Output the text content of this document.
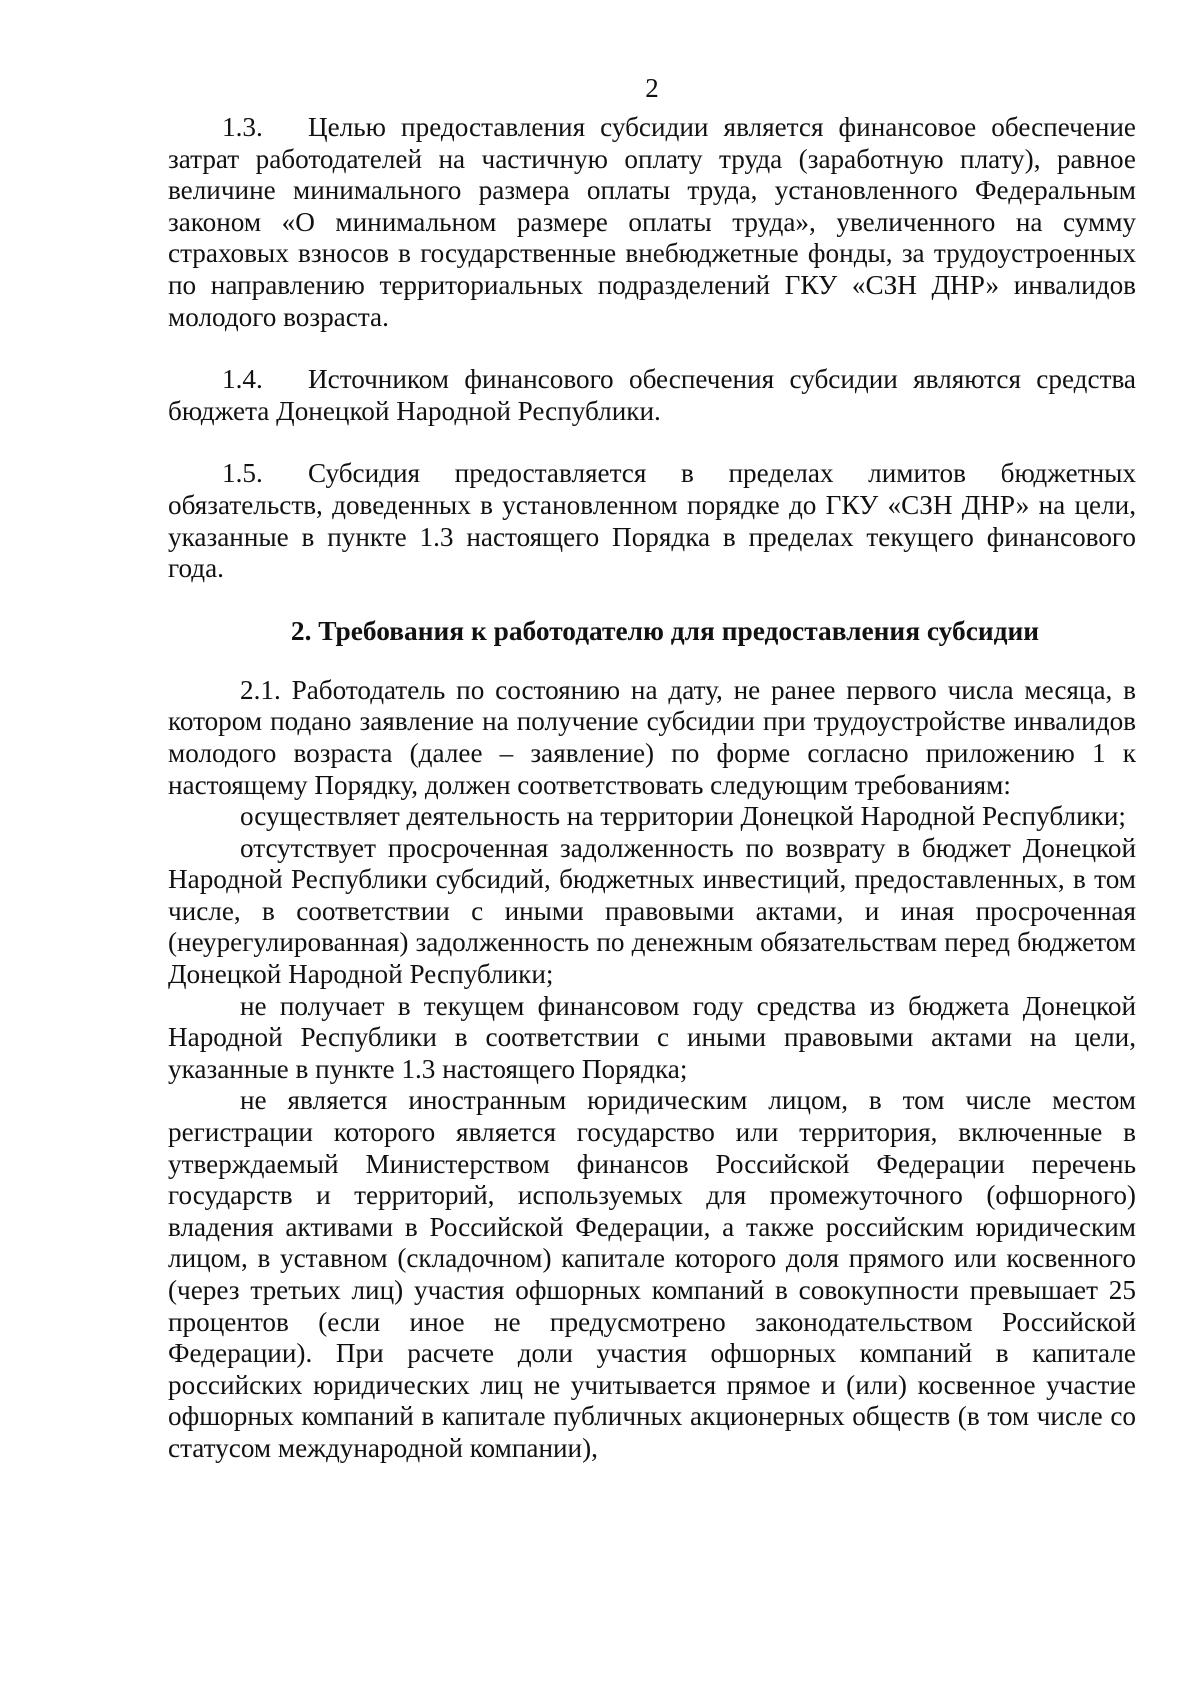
2

1.3. Целью предоставления субсидии является финансовое обеспечение затрат работодателей на частичную оплату труда (заработную плату), равное величине минимального размера оплаты труда, установленного Федеральным законом «О минимальном размере оплаты труда», увеличенного на сумму страховых взносов в государственные внебюджетные фонды, за трудоустроенных по направлению территориальных подразделений ГКУ «СЗН ДНР» инвалидов молодого возраста.

1.4. Источником финансового обеспечения субсидии являются средства бюджета Донецкой Народной Республики.

1.5. Субсидия предоставляется в пределах лимитов бюджетных обязательств, доведенных в установленном порядке до ГКУ «СЗН ДНР» на цели, указанные в пункте 1.3 настоящего Порядка в пределах текущего финансового года.

2. Требования к работодателю для предоставления субсидии

2.1. Работодатель по состоянию на дату, не ранее первого числа месяца, в котором подано заявление на получение субсидии при трудоустройстве инвалидов молодого возраста (далее – заявление) по форме согласно приложению 1 к настоящему Порядку, должен соответствовать следующим требованиям:

осуществляет деятельность на территории Донецкой Народной Республики;

отсутствует просроченная задолженность по возврату в бюджет Донецкой Народной Республики субсидий, бюджетных инвестиций, предоставленных, в том числе, в соответствии с иными правовыми актами, и иная просроченная (неурегулированная) задолженность по денежным обязательствам перед бюджетом Донецкой Народной Республики;

не получает в текущем финансовом году средства из бюджета Донецкой Народной Республики в соответствии с иными правовыми актами на цели, указанные в пункте 1.3 настоящего Порядка;

не является иностранным юридическим лицом, в том числе местом регистрации которого является государство или территория, включенные в утверждаемый Министерством финансов Российской Федерации перечень государств и территорий, используемых для промежуточного (офшорного) владения активами в Российской Федерации, а также российским юридическим лицом, в уставном (складочном) капитале которого доля прямого или косвенного (через третьих лиц) участия офшорных компаний в совокупности превышает 25 процентов (если иное не предусмотрено законодательством Российской Федерации). При расчете доли участия офшорных компаний в капитале российских юридических лиц не учитывается прямое и (или) косвенное участие офшорных компаний в капитале публичных акционерных обществ (в том числе со статусом международной компании),
